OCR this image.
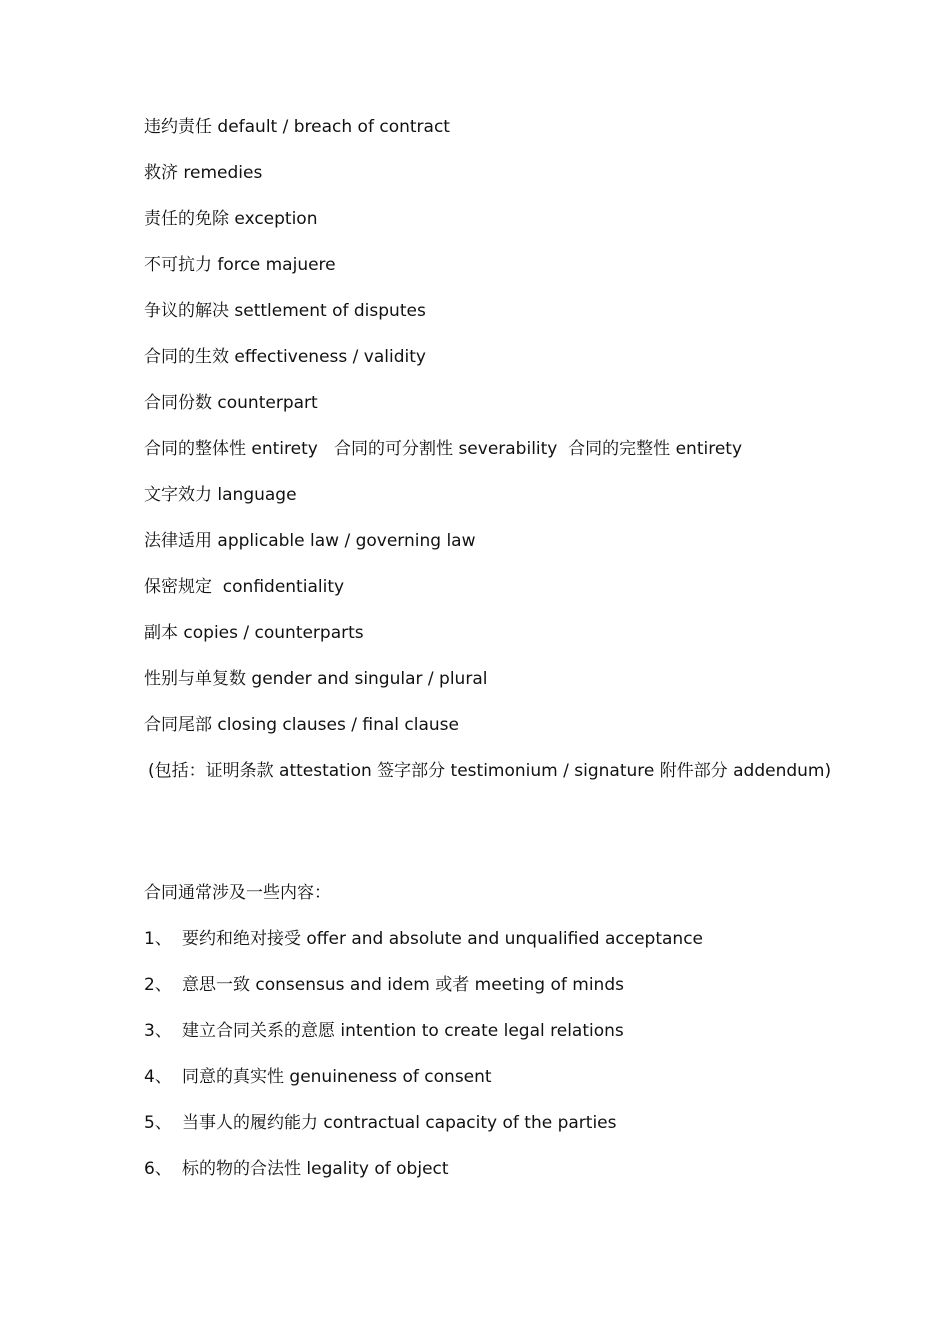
违约责任 default / breach of contract
救济 remedies
责任的免除 exception
不可抗力 force majuere
争议的解决 settlement of disputes
合同的生效 effectiveness / validity
合同份数 counterpart
合同的整体性 entirety   合同的可分割性 severability  合同的完整性 entirety
文字效力 language
法律适用 applicable law / governing law
保密规定  confidentiality
副本 copies / counterparts
性别与单复数 gender and singular / plural
合同尾部 closing clauses / final clause
(包括：证明条款 attestation 签字部分 testimonium / signature 附件部分 addendum)
合同通常涉及一些内容：
1、 要约和绝对接受 offer and absolute and unqualified acceptance
2、 意思一致 consensus and idem 或者 meeting of minds
3、 建立合同关系的意愿 intention to create legal relations
4、 同意的真实性 genuineness of consent
5、 当事人的履约能力 contractual capacity of the parties
6、 标的物的合法性 legality of object
